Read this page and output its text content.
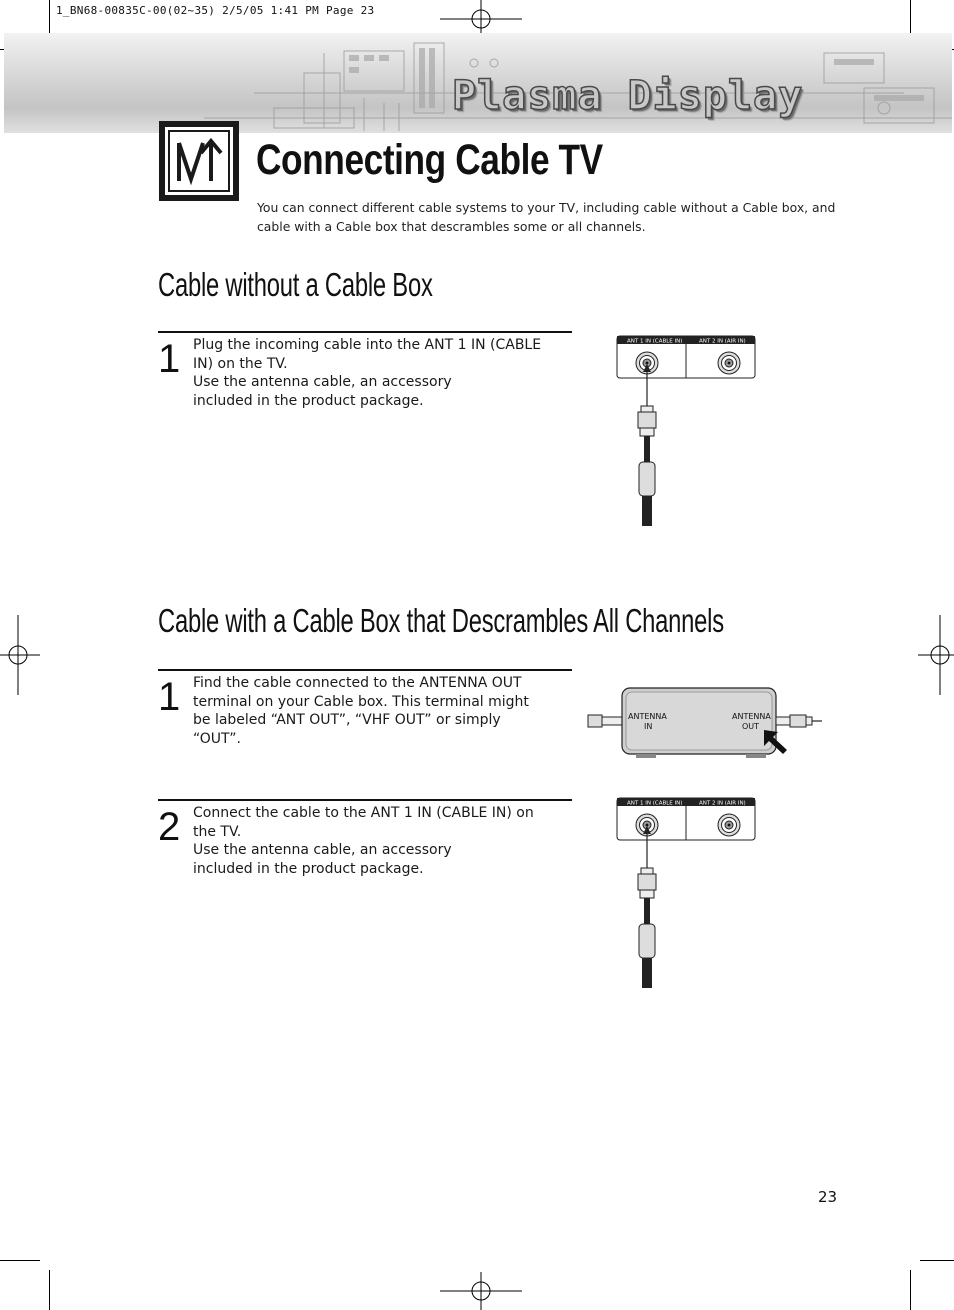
1_BN68-00835C-00(02~35) 2/5/05 1:41 PM Page 23
Plasma Display
Connecting Cable TV
You can connect different cable systems to your TV, including cable without a Cable box, and cable with a Cable box that descrambles some or all channels.
Cable without a Cable Box
1 Plug the incoming cable into the ANT 1 IN (CABLE IN) on the TV.

Use the antenna cable, an accessory included in the product package.

ANT 1 IN (CABLE IN)	ANT 2 IN (AIR IN)
Cable with a Cable Box that Descrambles All Channels
1 Find the cable connected to the ANTENNA OUT terminal on your Cable box. This terminal might be labeled “ANT OUT”, “VHF OUT” or simply “OUT”.

ANTENNA
IN
ANTENNA
OUT
2 Connect the cable to the ANT 1 IN (CABLE IN) on the TV.

Use the antenna cable, an accessory included in the product package.

ANT 1 IN (CABLE IN)	ANT 2 IN (AIR IN)
23
